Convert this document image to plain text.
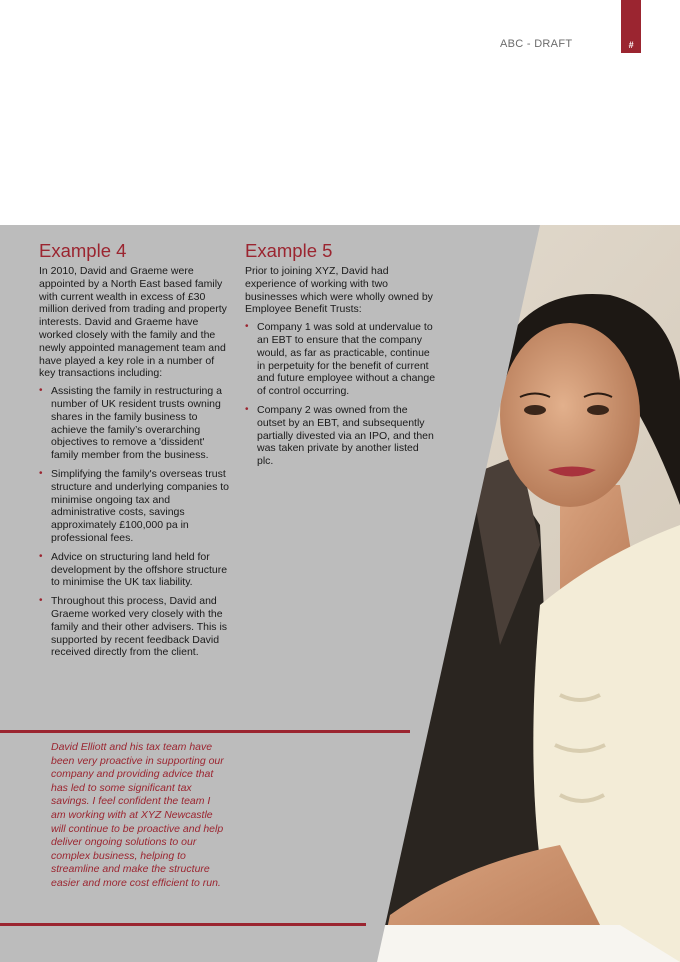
#
ABC - DRAFT
Example 4

In 2010, David and Graeme were appointed by a North East based family with current wealth in excess of £30 million derived from trading and property interests. David and Graeme have worked closely with the family and the newly appointed management team and have played a key role in a number of key transactions including:

• Assisting the family in restructuring a number of UK resident trusts owning shares in the family business to achieve the family’s overarching objectives to remove a 'dissident' family member from the business.
• Simplifying the family's overseas trust structure and underlying companies to minimise ongoing tax and administrative costs, savings approximately £100,000 pa in professional fees.
• Advice on structuring land held for development by the offshore structure to minimise the UK tax liability.
• Throughout this process, David and Graeme worked very closely with the family and their other advisers. This is supported by recent feedback David received directly from the client.
Example 5

Prior to joining XYZ, David had experience of working with two businesses which were wholly owned by Employee Benefit Trusts:

• Company 1 was sold at undervalue to an EBT to ensure that the company would, as far as practicable, continue in perpetuity for the benefit of current and future employee without a change of control occurring.
• Company 2 was owned from the outset by an EBT, and subsequently partially divested via an IPO, and then was taken private by another listed plc.

David Elliott and his tax team have been very proactive in supporting our company and providing advice that has led to some significant tax savings. I feel confident the team I am working with at XYZ Newcastle will continue to be proactive and help deliver ongoing solutions to our complex business, helping to streamline and make the structure easier and more cost efficient to run.
